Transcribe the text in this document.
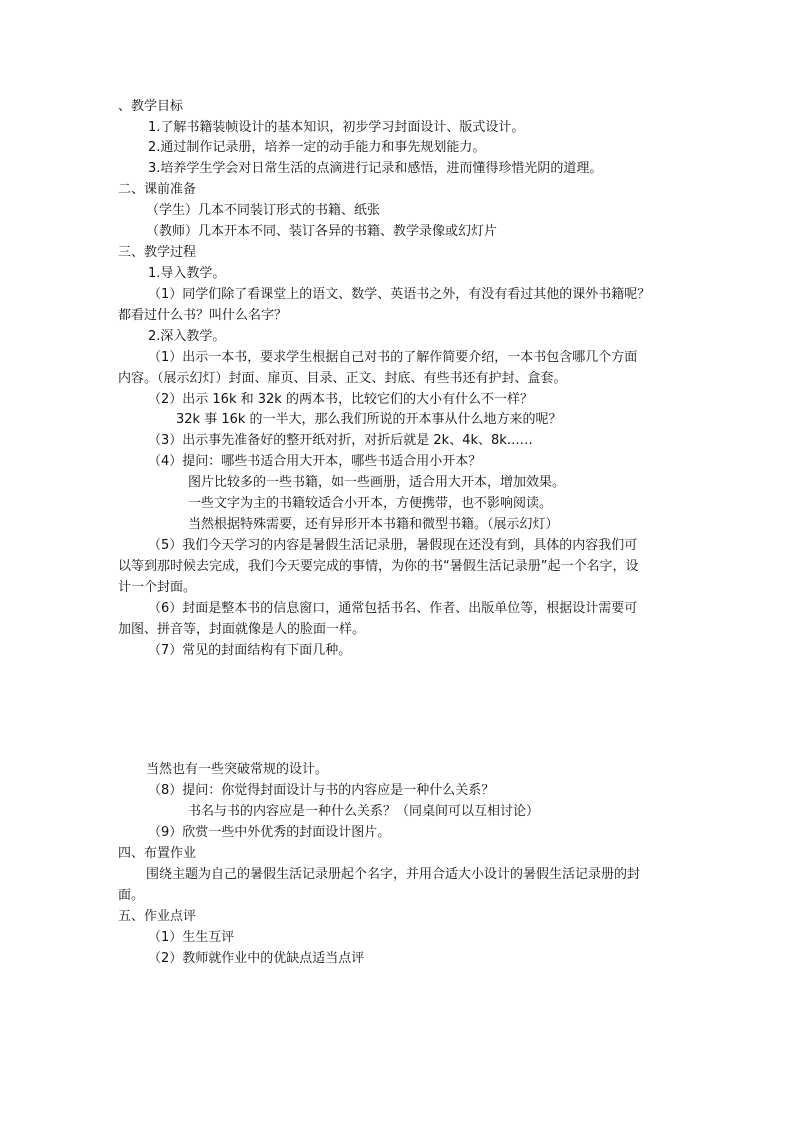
、教学目标
1.了解书籍装帧设计的基本知识，初步学习封面设计、版式设计。
2.通过制作记录册，培养一定的动手能力和事先规划能力。
3.培养学生学会对日常生活的点滴进行记录和感悟，进而懂得珍惜光阴的道理。
二、课前准备
（学生）几本不同装订形式的书籍、纸张
（教师）几本开本不同、装订各异的书籍、教学录像或幻灯片
三、教学过程
1.导入教学。
（1）同学们除了看课堂上的语文、数学、英语书之外，有没有看过其他的课外书籍呢？
都看过什么书？叫什么名字？
2.深入教学。
（1）出示一本书，要求学生根据自己对书的了解作简要介绍，一本书包含哪几个方面
内容。（展示幻灯）封面、扉页、目录、正文、封底、有些书还有护封、盒套。
（2）出示 16k 和 32k 的两本书，比较它们的大小有什么不一样？
32k 事 16k 的一半大，那么我们所说的开本事从什么地方来的呢？
（3）出示事先准备好的整开纸对折，对折后就是 2k、4k、8k……
（4）提问：哪些书适合用大开本，哪些书适合用小开本？
图片比较多的一些书籍，如一些画册，适合用大开本，增加效果。
一些文字为主的书籍较适合小开本，方便携带，也不影响阅读。
当然根据特殊需要，还有异形开本书籍和微型书籍。（展示幻灯）
（5）我们今天学习的内容是暑假生活记录册，暑假现在还没有到，具体的内容我们可
以等到那时候去完成，我们今天要完成的事情，为你的书“暑假生活记录册”起一个名字，设
计一个封面。
（6）封面是整本书的信息窗口，通常包括书名、作者、出版单位等，根据设计需要可
加图、拼音等，封面就像是人的脸面一样。
（7）常见的封面结构有下面几种。
当然也有一些突破常规的设计。
（8）提问：你觉得封面设计与书的内容应是一种什么关系？
书名与书的内容应是一种什么关系？（同桌间可以互相讨论）
（9）欣赏一些中外优秀的封面设计图片。
四、布置作业
围绕主题为自己的暑假生活记录册起个名字，并用合适大小设计的暑假生活记录册的封
面。
五、作业点评
（1）生生互评
（2）教师就作业中的优缺点适当点评
